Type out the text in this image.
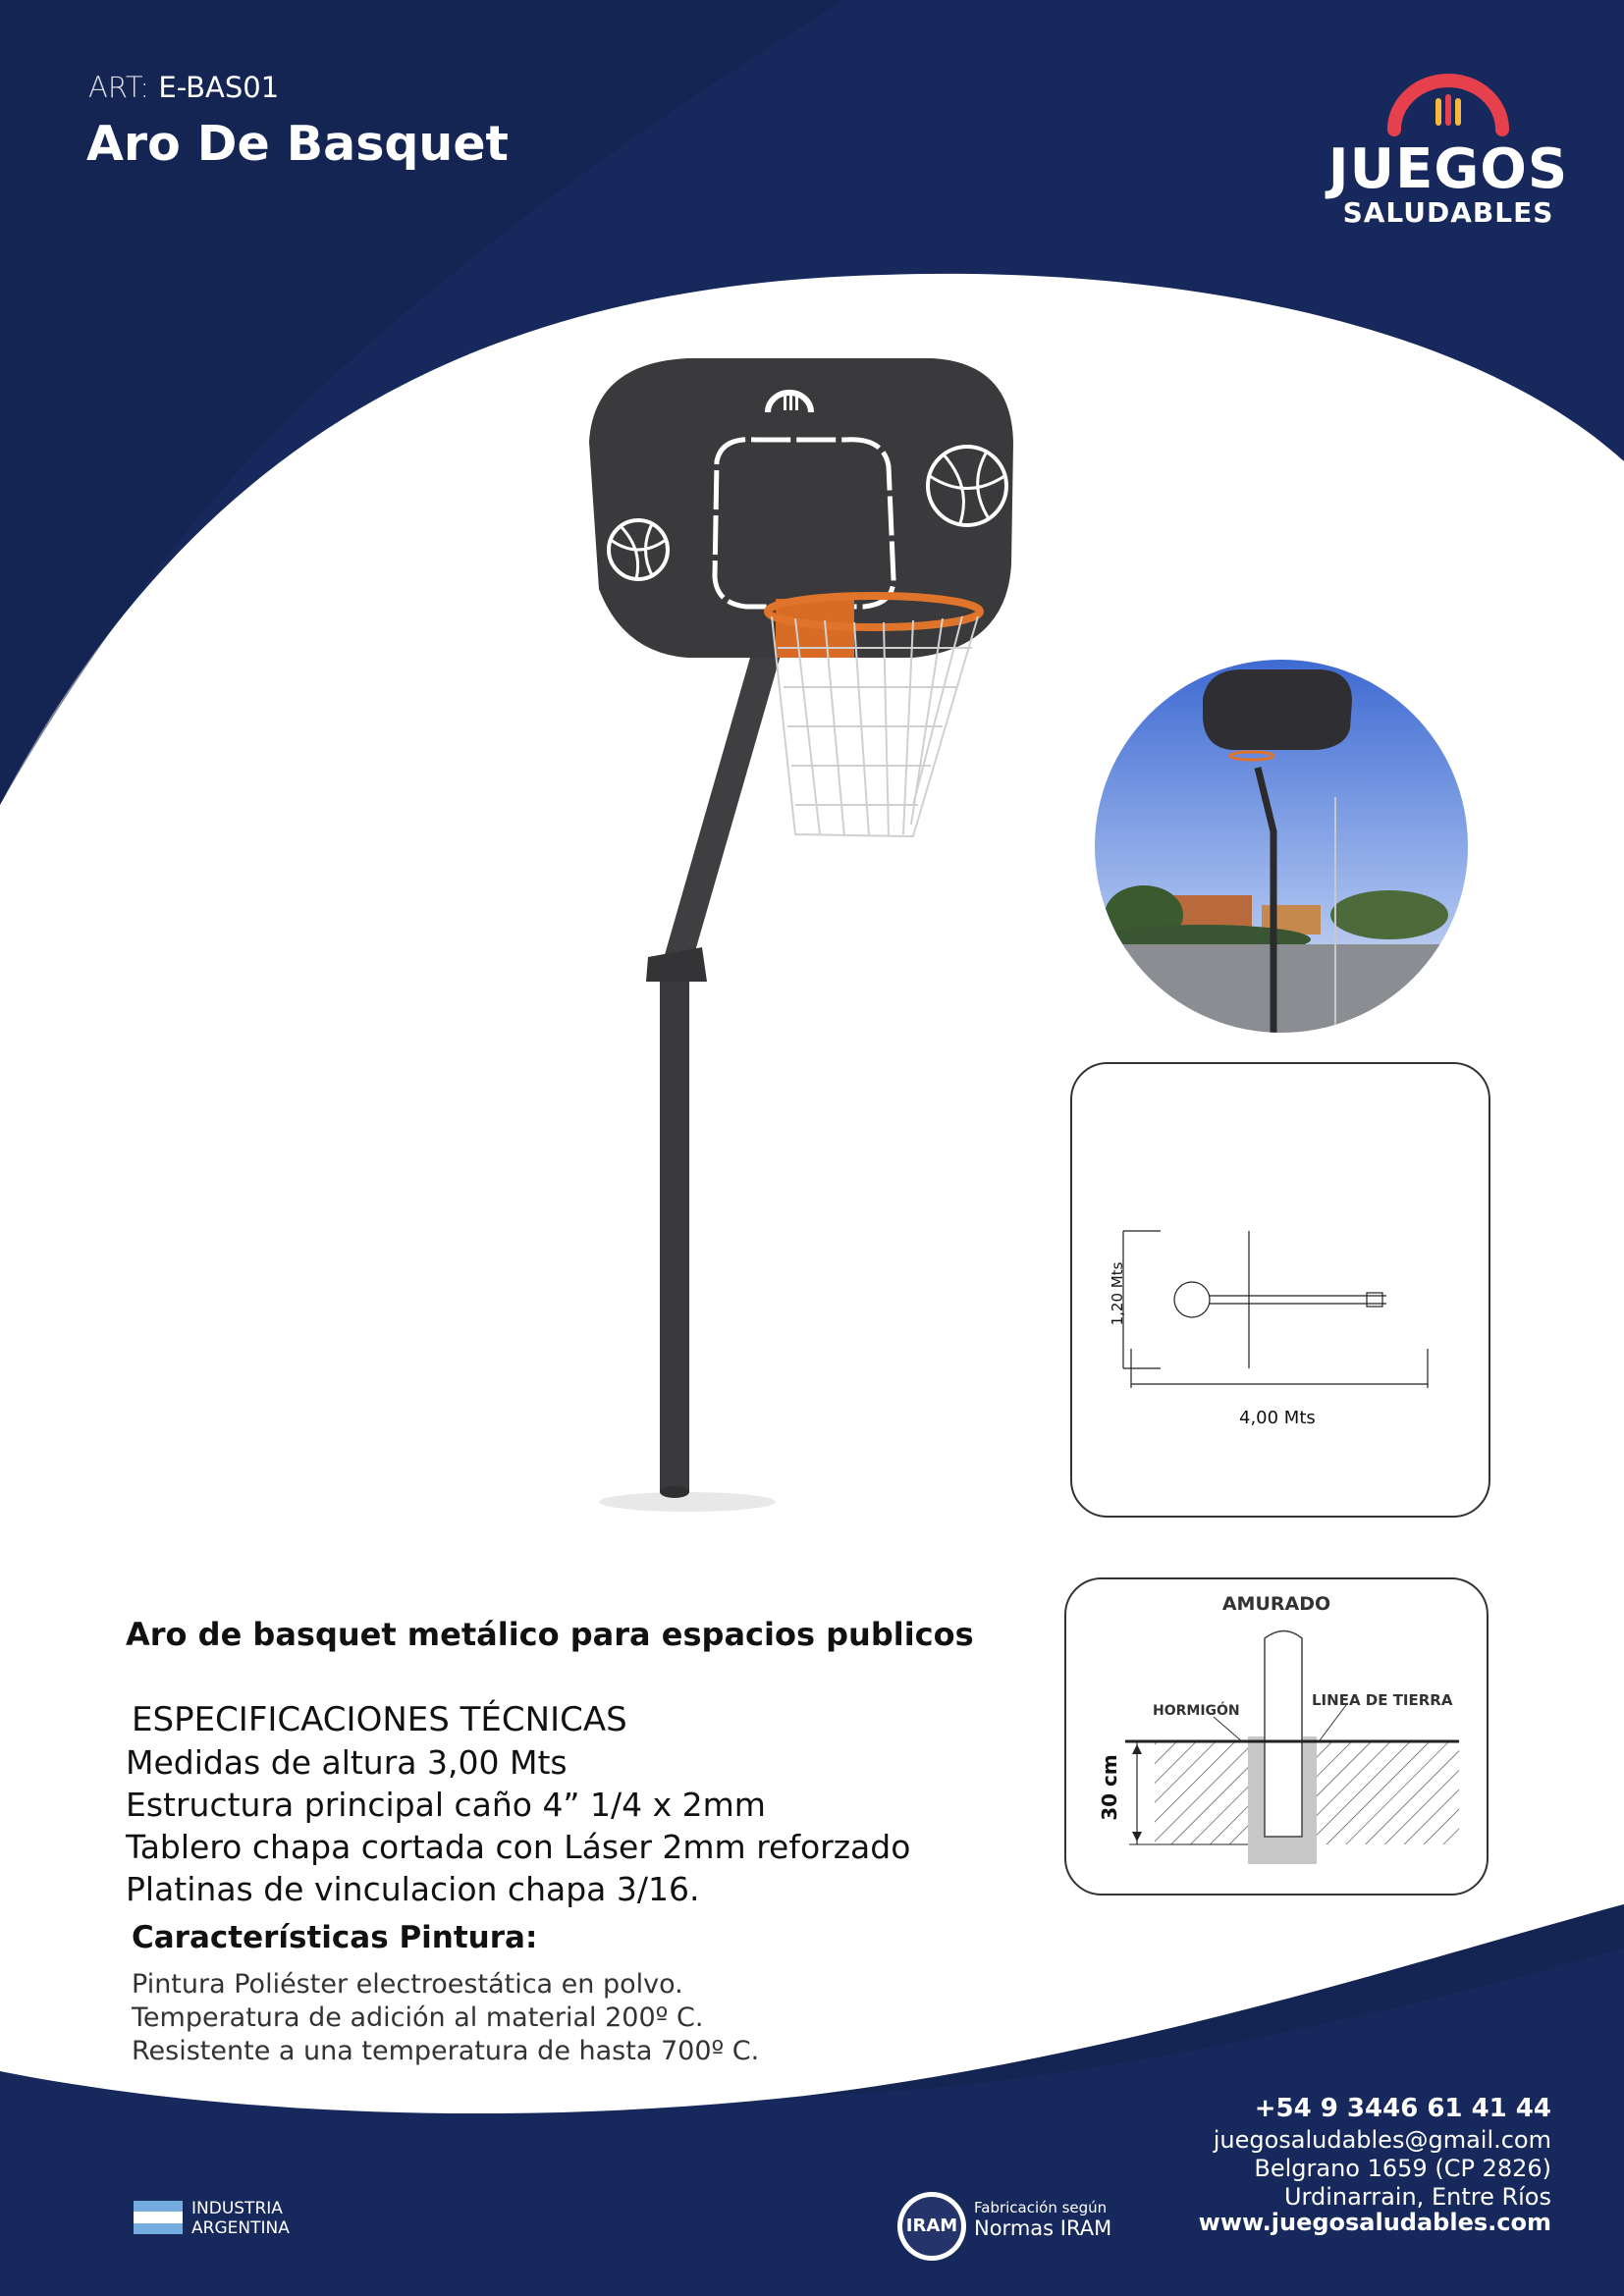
ART: E-BAS01
Aro De Basquet	JUEGOS
SALUDABLES
1,20 Mts
4,00 Mts
AMURADO
HORMIGÓN
LINEA DE TIERRA
30 cm
Aro de basquet metálico para espacios publicos
ESPECIFICACIONES TÉCNICAS
Medidas de altura 3,00 Mts
Estructura principal caño 4” 1/4 x 2mm
Tablero chapa cortada con Láser 2mm reforzado
Platinas de vinculacion chapa 3/16.
Características Pintura:
Pintura Poliéster electroestática en polvo.
Temperatura de adición al material 200º C.
Resistente a una temperatura de hasta 700º C.
+54 9 3446 61 41 44
juegosaludables@gmail.com
Belgrano 1659 (CP 2826)
Urdinarrain, Entre Ríos
www.juegosaludables.com
INDUSTRIA
ARGENTINA	IRAM
Fabricación según
Normas IRAM
